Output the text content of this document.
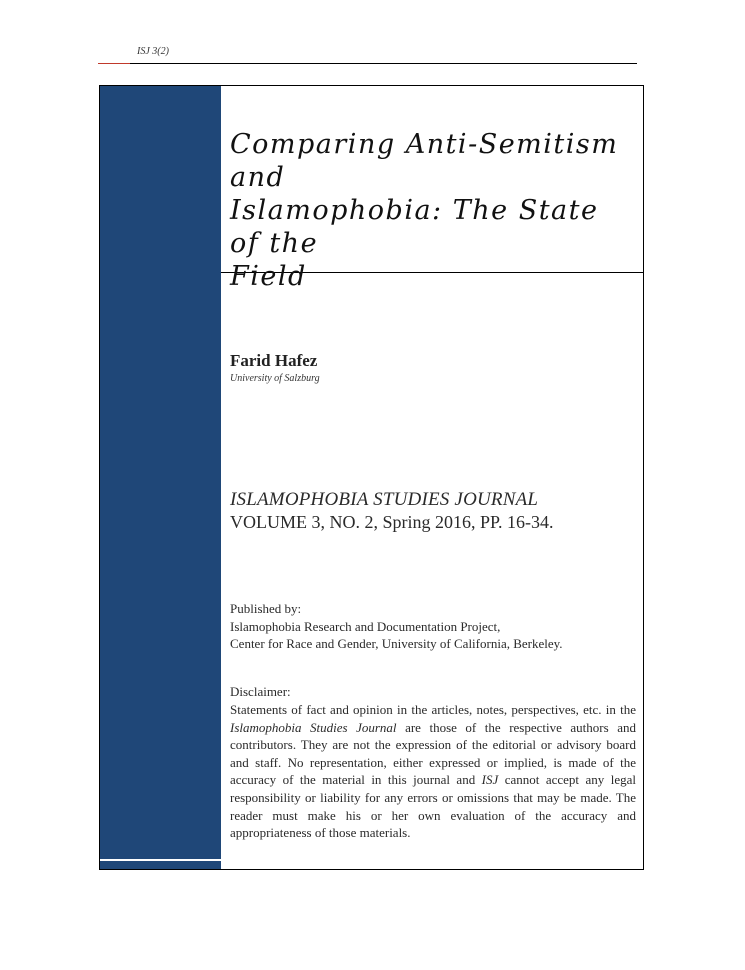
ISJ 3(2)
Comparing Anti-Semitism and
Islamophobia: The State of the
Field
Farid Hafez
University of Salzburg
ISLAMOPHOBIA STUDIES JOURNAL
VOLUME 3, NO. 2, Spring 2016, PP. 16-34.
Published by:
Islamophobia Research and Documentation Project,
Center for Race and Gender, University of California, Berkeley.
Disclaimer:

Statements of fact and opinion in the articles, notes, perspectives, etc. in the Islamophobia Studies Journal are those of the respective authors and contributors. They are not the expression of the editorial or advisory board and staff. No representation, either expressed or implied, is made of the accuracy of the material in this journal and ISJ cannot accept any legal responsibility or liability for any errors or omissions that may be made. The reader must make his or her own evaluation of the accuracy and appropriateness of those materials.
